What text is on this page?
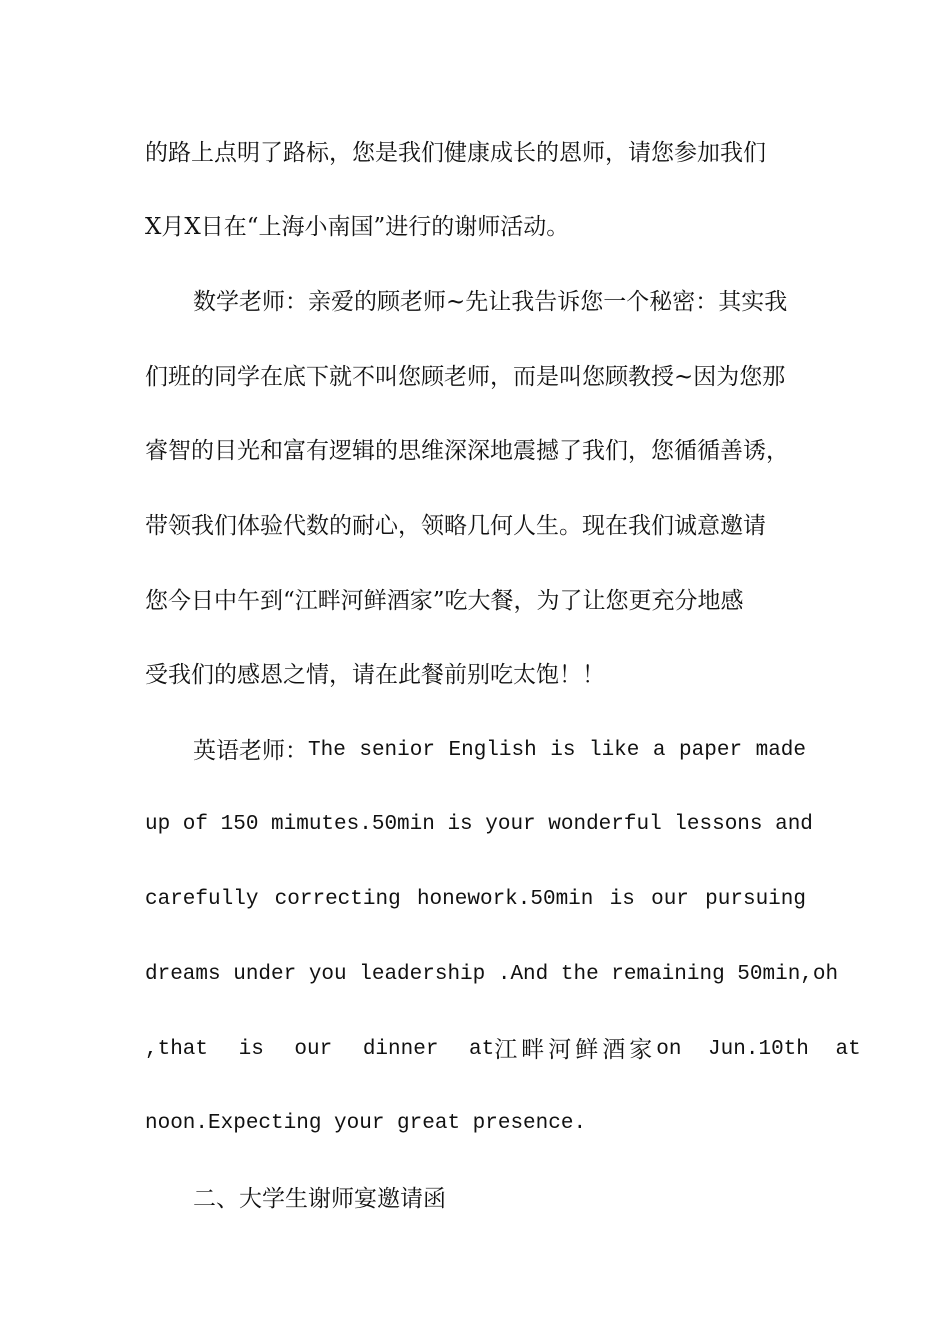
的路上点明了路标，您是我们健康成长的恩师，请您参加我们
X月X日在“上海小南国”进行的谢师活动。
数学老师：亲爱的顾老师~先让我告诉您一个秘密：其实我
们班的同学在底下就不叫您顾老师，而是叫您顾教授~因为您那
睿智的目光和富有逻辑的思维深深地震撼了我们，您循循善诱，
带领我们体验代数的耐心，领略几何人生。现在我们诚意邀请
您今日中午到“江畔河鲜酒家”吃大餐，为了让您更充分地感
受我们的感恩之情，请在此餐前别吃太饱！！
英语老师： The senior English is like a paper made
up of 150 mimutes.50min is your wonderful lessons and
carefully correcting honework.50min is our pursuing
dreams under you leadership .And the remaining 50min,oh
,that is our dinner at 江畔河鲜酒家 on Jun.10th at
noon.Expecting your great presence.
二、大学生谢师宴邀请函
